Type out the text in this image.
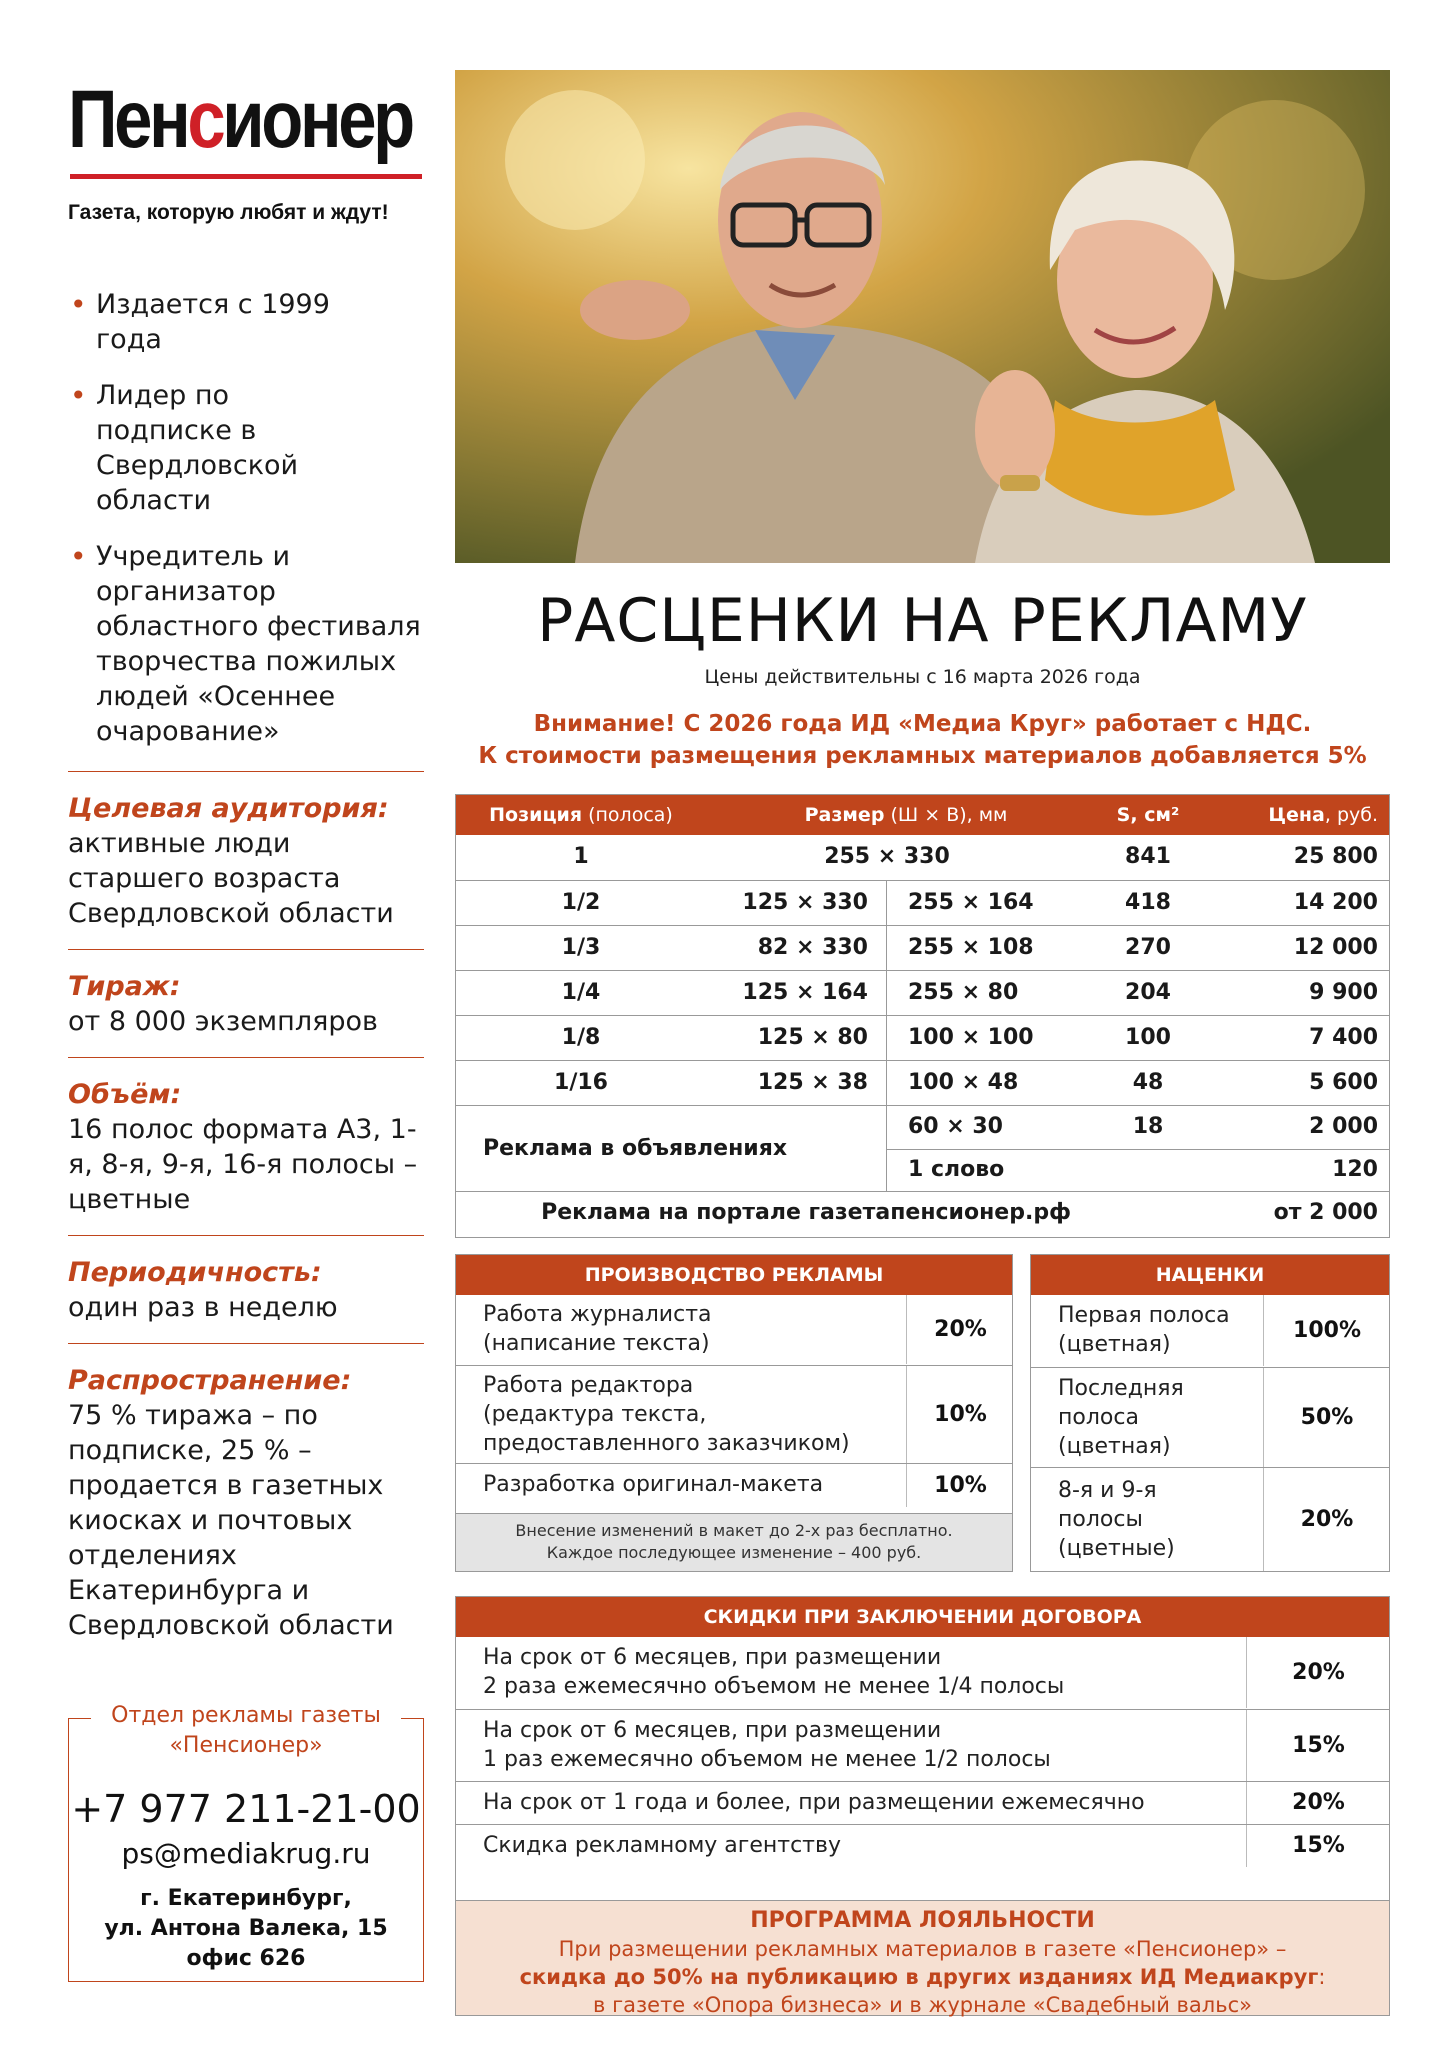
Пенсионер
Газета, которую любят и ждут!
• Издается с 1999 года
• Лидер по подписке в Свердловской области
• Учредитель и организатор областного фестиваля творчества пожилых людей «Осеннее очарование»
Целевая аудитория:
активные люди старшего возраста Свердловской области
Тираж:
от 8 000 экземпляров
Объём:
16 полос формата А3, 1-я, 8-я, 9-я, 16-я полосы – цветные
Периодичность:
один раз в неделю
Распространение:
75 % тиража – по подписке, 25 % – продается в газетных киосках и почтовых отделениях Екатеринбурга и Свердловской области
Отдел рекламы газеты
«Пенсионер»
+7 977 211-21-00
ps@mediakrug.ru
г. Екатеринбург,
ул. Антона Валека, 15
офис 626
РАСЦЕНКИ НА РЕКЛАМУ
Цены действительны с 16 марта 2026 года
Внимание! С 2026 года ИД «Медиа Круг» работает с НДС.
К стоимости размещения рекламных материалов добавляется 5%
Позиция (полоса)	Размер (Ш × В), мм	S, см²	Цена, руб.
1	255 × 330	841	25 800
1/2	125 × 330	255 × 164	418	14 200
1/3	82 × 330	255 × 108	270	12 000
1/4	125 × 164	255 × 80	204	9 900
1/8	125 × 80	100 × 100	100	7 400
1/16	125 × 38	100 × 48	48	5 600
Реклама в объявлениях
60 × 30	18	2 000
1 слово	120
Реклама на портале газетапенсионер.рф	от 2 000
ПРОИЗВОДСТВО РЕКЛАМЫ
Работа журналиста
(написание текста)
20%
Работа редактора
(редактура текста,
предоставленного заказчиком)
10%
Разработка оригинал-макета	10%
Внесение изменений в макет до 2-х раз бесплатно.
Каждое последующее изменение – 400 руб.
НАЦЕНКИ
Первая полоса
(цветная)
100%
Последняя
полоса
(цветная)
50%
8-я и 9-я
полосы
(цветные)
20%
СКИДКИ ПРИ ЗАКЛЮЧЕНИИ ДОГОВОРА
На срок от 6 месяцев, при размещении
2 раза ежемесячно объемом не менее 1/4 полосы
20%
На срок от 6 месяцев, при размещении
1 раз ежемесячно объемом не менее 1/2 полосы
15%
На срок от 1 года и более, при размещении ежемесячно	20%
Скидка рекламному агентству	15%
ПРОГРАММА ЛОЯЛЬНОСТИ
При размещении рекламных материалов в газете «Пенсионер» –
скидка до 50% на публикацию в других изданиях ИД Медиакруг:
в газете «Опора бизнеса» и в журнале «Свадебный вальс»
